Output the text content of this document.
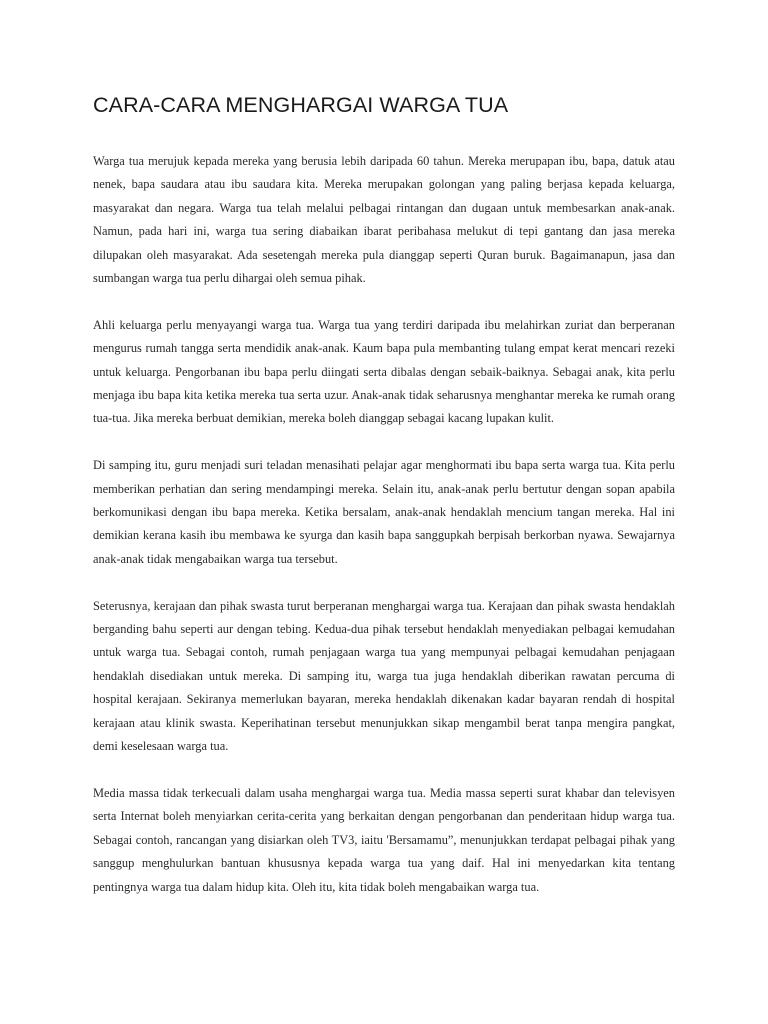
CARA-CARA MENGHARGAI WARGA TUA

Warga tua merujuk kepada mereka yang berusia lebih daripada 60 tahun. Mereka merupapan ibu, bapa, datuk atau nenek, bapa saudara atau ibu saudara kita. Mereka merupakan golongan yang paling berjasa kepada keluarga, masyarakat dan negara. Warga tua telah melalui pelbagai rintangan dan dugaan untuk membesarkan anak-anak. Namun, pada hari ini, warga tua sering diabaikan ibarat peribahasa melukut di tepi gantang dan jasa mereka dilupakan oleh masyarakat. Ada sesetengah mereka pula dianggap seperti Quran buruk. Bagaimanapun, jasa dan sumbangan warga tua perlu dihargai oleh semua pihak.

Ahli keluarga perlu menyayangi warga tua. Warga tua yang terdiri daripada ibu melahirkan zuriat dan berperanan mengurus rumah tangga serta mendidik anak-anak. Kaum bapa pula membanting tulang empat kerat mencari rezeki untuk keluarga. Pengorbanan ibu bapa perlu diingati serta dibalas dengan sebaik-baiknya. Sebagai anak, kita perlu menjaga ibu bapa kita ketika mereka tua serta uzur. Anak-anak tidak seharusnya menghantar mereka ke rumah orang tua-tua. Jika mereka berbuat demikian, mereka boleh dianggap sebagai kacang lupakan kulit.

Di samping itu, guru menjadi suri teladan menasihati pelajar agar menghormati ibu bapa serta warga tua. Kita perlu memberikan perhatian dan sering mendampingi mereka. Selain itu, anak-anak perlu bertutur dengan sopan apabila berkomunikasi dengan ibu bapa mereka. Ketika bersalam, anak-anak hendaklah mencium tangan mereka. Hal ini demikian kerana kasih ibu membawa ke syurga dan kasih bapa sanggupkah berpisah berkorban nyawa. Sewajarnya anak-anak tidak mengabaikan warga tua tersebut.

Seterusnya, kerajaan dan pihak swasta turut berperanan menghargai warga tua. Kerajaan dan pihak swasta hendaklah berganding bahu seperti aur dengan tebing. Kedua-dua pihak tersebut hendaklah menyediakan pelbagai kemudahan untuk warga tua. Sebagai contoh, rumah penjagaan warga tua yang mempunyai pelbagai kemudahan penjagaan hendaklah disediakan untuk mereka. Di samping itu, warga tua juga hendaklah diberikan rawatan percuma di hospital kerajaan. Sekiranya memerlukan bayaran, mereka hendaklah dikenakan kadar bayaran rendah di hospital kerajaan atau klinik swasta. Keperihatinan tersebut menunjukkan sikap mengambil berat tanpa mengira pangkat, demi keselesaan warga tua.

Media massa tidak terkecuali dalam usaha menghargai warga tua. Media massa seperti surat khabar dan televisyen serta Internat boleh menyiarkan cerita-cerita yang berkaitan dengan pengorbanan dan penderitaan hidup warga tua. Sebagai contoh, rancangan yang disiarkan oleh TV3, iaitu 'Bersamamu”, menunjukkan terdapat pelbagai pihak yang sanggup menghulurkan bantuan khususnya kepada warga tua yang daif. Hal ini menyedarkan kita tentang pentingnya warga tua dalam hidup kita. Oleh itu, kita tidak boleh mengabaikan warga tua.
